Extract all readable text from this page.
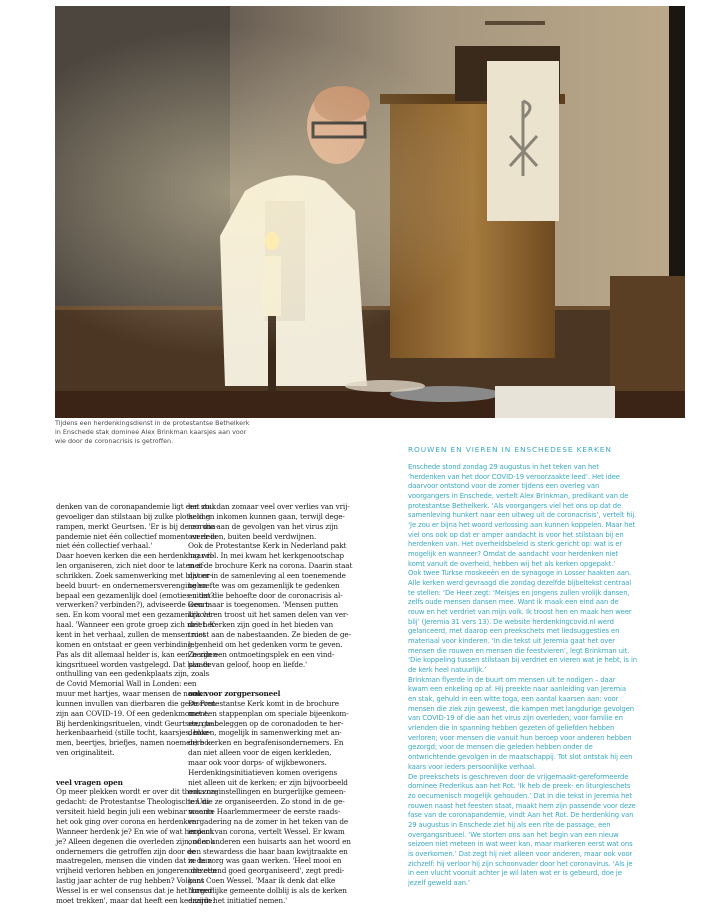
Tijdens een herdenkingsdienst in de protestantse Bethelkerk
in Enschede stak dominee Alex Brinkman kaarsjes aan voor
wie door de coronacrisis is getroffen.
denken van de coronapandemie ligt een stuk
gevoeliger dan stilstaan bij zulke plotseling
rampen, merkt Geurtsen. 'Er is bij de corona-
pandemie niet één collectief moment en er is
niet één collectief verhaal.'
Daar hoeven kerken die een herdenking wil-
len organiseren, zich niet door te laten af-
schrikken. Zoek samenwerking met bijvoor-
beeld buurt- en ondernemersverenging en
bepaal een gezamenlijk doel (emoties uiten?
verwerken? verbinden?), adviseerde Geurt-
sen. En kom vooral met een gezamenlijk ver-
haal. 'Wanneer een grote groep zich niet her-
kent in het verhaal, zullen de mensen niet
komen en ontstaat er geen verbinding.'
Pas als dit allemaal helder is, kan een herden-
kingsritueel worden vastgelegd. Dat kan de
onthulling van een gedenkplaats zijn, zoals
de Covid Memorial Wall in Londen: een
muur met hartjes, waar mensen de namen
kunnen invullen van dierbaren die gestorven
zijn aan COVID-19. Of een gedenkmoment.
Bij herdenkingsrituelen, vindt Geurtsen, gaat
herkenbaarheid (stille tocht, kaarsjes, bloe-
men, beertjes, briefjes, namen noemen) bo-
ven originaliteit.
veel vragen open
Op meer plekken wordt er over dit thema na-
gedacht: de Protestantse Theologische Uni-
versiteit hield begin juli een webinar waarin
het ook ging over corona en herdenken.
Wanneer herdenk je? En wie of wat herdenk
je? Alleen degenen die overleden zijn, of ook
ondernemers die getroffen zijn door de
maatregelen, mensen die vinden dat ze hun
vrijheid verloren hebben en jongeren die een
lastig jaar achter de rug hebben? Volgens
Wessel is er wel consensus dat je het 'breed
moet trekken', maar dat heeft een keerzijde:
het zou dan zomaar veel over verlies van vrij-
heid en inkomen kunnen gaan, terwijl dege-
nen die aan de gevolgen van het virus zijn
overleden, buiten beeld verdwijnen.
Ook de Protestantse Kerk in Nederland pakt
haar rol. In mei kwam het kerkgenootschap
met de brochure Kerk na corona. Daarin staat
dat er in de samenleving al een toenemende
behoefte was om gezamenlijk te gedenken
en dat die behoefte door de coronacrisis al-
leen maar is toegenomen. 'Mensen putten
kracht en troost uit het samen delen van ver-
driet. Kerken zijn goed in het bieden van
troost aan de nabestaanden. Ze bieden de ge-
legenheid om het gedenken vorm te geven.
Ze zijn een ontmoetingsplek en een vind-
plaats van geloof, hoop en liefde.'
ook voor zorgpersoneel
De Protestantse Kerk komt in de brochure
met een stappenplan om speciale bijeenkom-
sten te beleggen op de coronadoden te her-
denken, mogelijk in samenwerking met an-
dere kerken en begrafenisondernemers. En
dan niet alleen voor de eigen kerkleden,
maar ook voor dorps- of wijkbewoners.
Herdenkingsinitiatieven komen overigens
niet alleen uit de kerken; er zijn bijvoorbeeld
ook zorginstellingen en burgerlijke gemeen-
ten die ze organiseerden. Zo stond in de ge-
meente Haarlemmermeer de eerste raads-
vergadering na de zomer in het teken van de
impact van corona, vertelt Wessel. Er kwam
onder anderen een huisarts aan het woord en
een stewardess die haar baan kwijtraakte en
in de zorg was gaan werken. 'Heel mooi en
ontzettend goed georganiseerd', zegt predi-
kant Coen Wessel. 'Maar ik denk dat elke
burgerlijke gemeente dolblij is als de kerken
daarin het initiatief nemen.'
ROUWEN EN VIEREN IN ENSCHEDESE KERKEN
Enschede stond zondag 29 augustus in het teken van het
‘herdenken van het door COVID-19 veroorzaakte leed’. Het idee
daarvoor ontstond voor de zomer tijdens een overleg van
voorgangers in Enschede, vertelt Alex Brinkman, predikant van de
protestantse Bethelkerk. ‘Als voorgangers viel het ons op dat de
samenleving hunkert naar een uitweg uit de coronacrisis’, vertelt hij.
‘Je zou er bijna het woord verlossing aan kunnen koppelen. Maar het
viel ons ook op dat er amper aandacht is voor het stilstaan bij en
herdenken van. Het overheidsbeleid is sterk gericht op: wat is er
mogelijk en wanneer? Omdat de aandacht voor herdenken niet
komt vanuit de overheid, hebben wij het als kerken opgepakt.’
Ook twee Turkse moskeeën en de synagoge in Losser haakten aan.
Alle kerken werd gevraagd die zondag dezelfde bijbeltekst centraal
te stellen: ‘De Heer zegt: ‘Meisjes en jongens zullen vrolijk dansen,
zelfs oude mensen dansen mee. Want ik maak een eind aan de
rouw en het verdriet van mijn volk. Ik troost hen en maak hen weer
blij’ (Jeremia 31 vers 13). De website herdenkingcovid.nl werd
gelanceerd, met daarop een preekschets met liedsuggesties en
materiaal voor kinderen. ‘In die tekst uit Jeremia gaat het over
mensen die rouwen en mensen die feestvieren’, legt Brinkman uit.
‘Die koppeling tussen stilstaan bij verdriet en vieren wat je hebt, is in
de kerk heel natuurlijk.’
Brinkman flyerde in de buurt om mensen uit te nodigen – daar
kwam een enkeling op af. Hij preekte naar aanleiding van Jeremia
en stak, gehuld in een witte toga, een aantal kaarsen aan: voor
mensen die ziek zijn geweest, die kampen met langdurige gevolgen
van COVID-19 of die aan het virus zijn overleden; voor familie en
vrienden die in spanning hebben gezeten of geliefden hebben
verloren; voor mensen die vanuit hun beroep voor anderen hebben
gezorgd; voor de mensen die geleden hebben onder de
ontwrichtende gevolgen in de maatschappij. Tot slot ontstak hij een
kaars voor ieders persoonlijke verhaal.
De preekschets is geschreven door de vrijgemaakt-gereformeerde
dominee Frederikus aan het Rot. ‘Ik heb de preek- en liturgieschets
zo oecumenisch mogelijk gehouden.’ Dat in die tekst in Jeremia het
rouwen naast het feesten staat, maakt hem zijn passende voor deze
fase van de coronapandemie, vindt Aan het Rot. De herdenking van
29 augustus in Enschede ziet hij als een rite de passage, een
overgangsritueel. ‘We storten ons aan het begin van een nieuw
seizoen niet meteen in wat weer kan, maar markeren eerst wat ons
is overkomen.’ Dat zegt hij niet alleen voor anderen, maar ook voor
zichzelf: hij verloor hij zijn schoonvader door het coronavirus. ‘Als je
in een vlucht vooruit achter je wil laten wat er is gebeurd, doe je
jezelf geweld aan.’
